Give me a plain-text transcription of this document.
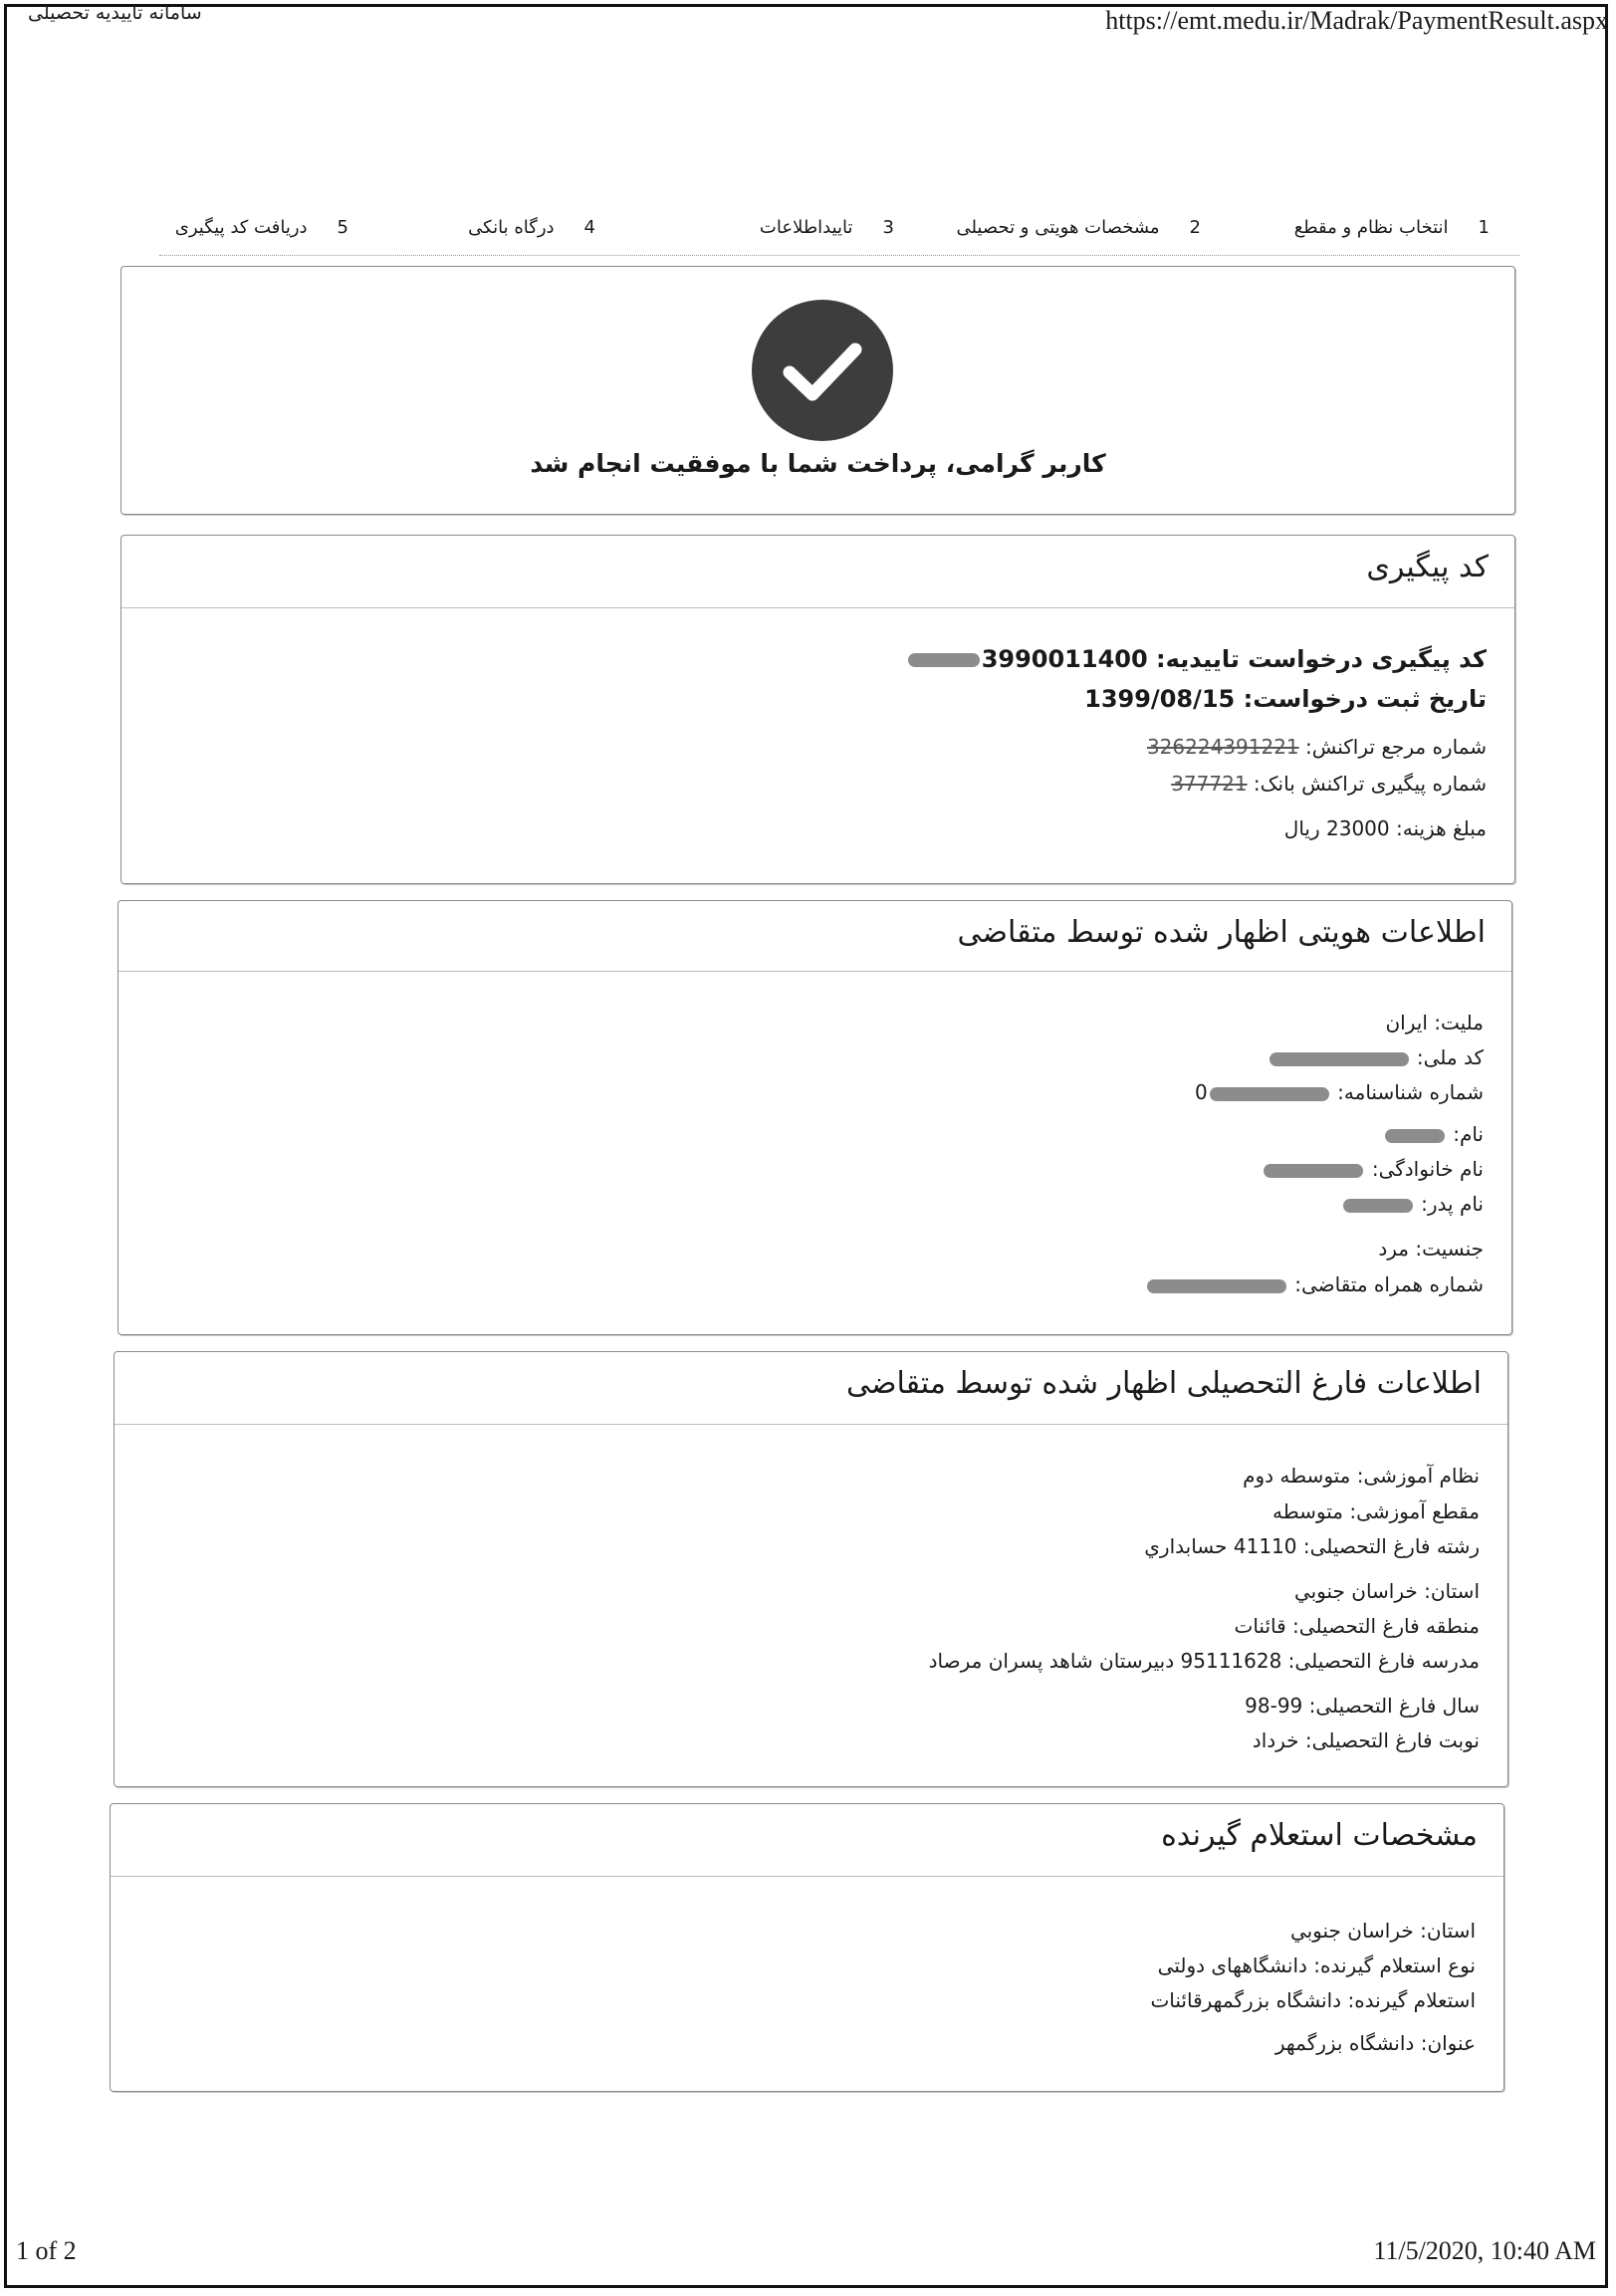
سامانه تاییدیه تحصیلی	https://emt.medu.ir/Madrak/PaymentResult.aspx
1انتخاب نظام و مقطع
2مشخصات هویتی و تحصیلی
3تاییداطلاعات
4درگاه بانکی
5دریافت کد پیگیری
کاربر گرامی، پرداخت شما با موفقیت انجام شد
کد پیگیری
کد پیگیری درخواست تاییدیه: 3990011400
تاریخ ثبت درخواست: 1399/08/15
شماره مرجع تراکنش: 326224391221
شماره پیگیری تراکنش بانک: 377721
مبلغ هزینه: 23000 ریال
اطلاعات هویتی اظهار شده توسط متقاضی
ملیت: ایران
کد ملی:
شماره شناسنامه: 0
نام:
نام خانوادگی:
نام پدر:
جنسیت: مرد
شماره همراه متقاضی:
اطلاعات فارغ التحصیلی اظهار شده توسط متقاضی
نظام آموزشی: متوسطه دوم
مقطع آموزشی: متوسطه
رشته فارغ التحصیلی: 41110 حسابداري
استان: خراسان جنوبي
منطقه فارغ التحصیلی: قائنات
مدرسه فارغ التحصیلی: 95111628 دبيرستان شاهد پسران مرصاد
سال فارغ التحصیلی: 99-98
نوبت فارغ التحصیلی: خرداد
مشخصات استعلام گیرنده
استان: خراسان جنوبي
نوع استعلام گیرنده: دانشگاههای دولتی
استعلام گیرنده: دانشگاه بزرگمهرقائنات
عنوان: دانشگاه بزرگمهر
1 of 2	11/5/2020, 10:40 AM
